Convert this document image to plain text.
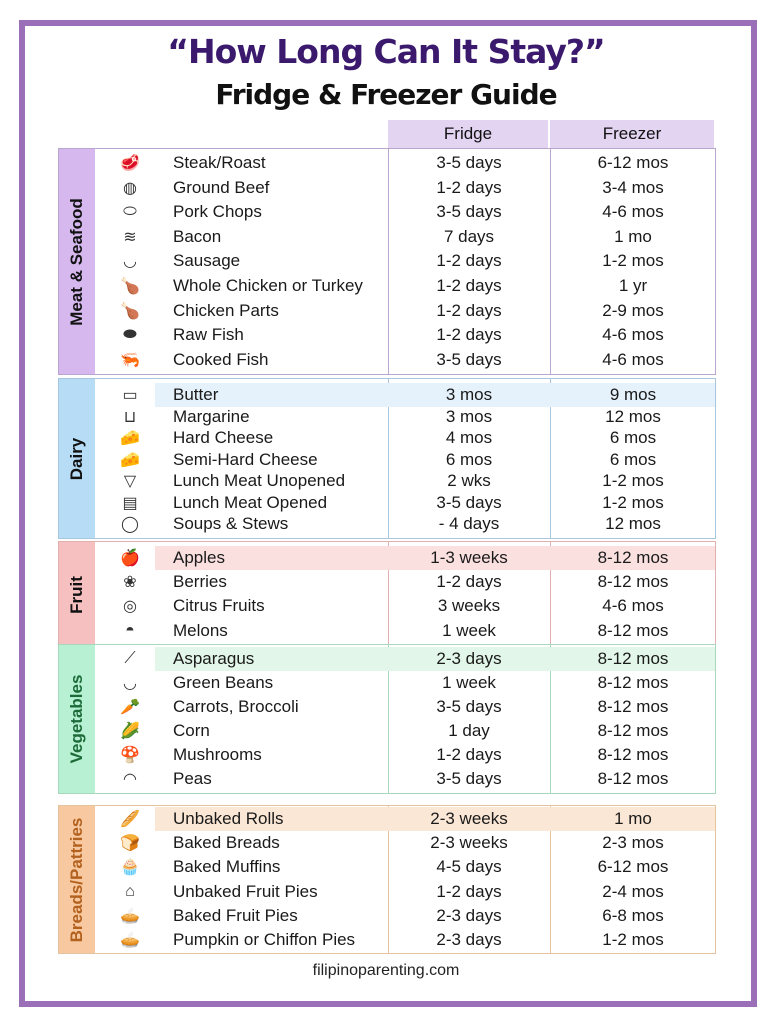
“How Long Can It Stay?”
Fridge & Freezer Guide
Fridge	Freezer
Meat & Seafood
🥩	Steak/Roast	3-5 days	6-12 mos
◍	Ground Beef	1-2 days	3-4 mos
⬭	Pork Chops	3-5 days	4-6 mos
≋	Bacon	7 days	1 mo
◡	Sausage	1-2 days	1-2 mos
🍗	Whole Chicken or Turkey	1-2 days	1 yr
🍗	Chicken Parts	1-2 days	2-9 mos
⬬	Raw Fish	1-2 days	4-6 mos
🦐	Cooked Fish	3-5 days	4-6 mos
Dairy
▭	Butter	3 mos	9 mos
⊔	Margarine	3 mos	12 mos
🧀	Hard Cheese	4 mos	6 mos
🧀	Semi-Hard Cheese	6 mos	6 mos
▽	Lunch Meat Unopened	2 wks	1-2 mos
▤	Lunch Meat Opened	3-5 days	1-2 mos
◯	Soups & Stews	- 4 days	12 mos
Fruit
🍎	Apples	1-3 weeks	8-12 mos
❀	Berries	1-2 days	8-12 mos
◎	Citrus Fruits	3 weeks	4-6 mos
◓	Melons	1 week	8-12 mos
Vegetables
⟋	Asparagus	2-3 days	8-12 mos
◡	Green Beans	1 week	8-12 mos
🥕	Carrots, Broccoli	3-5 days	8-12 mos
🌽	Corn	1 day	8-12 mos
🍄	Mushrooms	1-2 days	8-12 mos
◠	Peas	3-5 days	8-12 mos
Breads/Pattries	🥖	Unbaked Rolls	2-3 weeks	1 mo
🍞	Baked Breads	2-3 weeks	2-3 mos
🧁	Baked Muffins	4-5 days	6-12 mos
⌂	Unbaked Fruit Pies	1-2 days	2-4 mos
🥧	Baked Fruit Pies	2-3 days	6-8 mos
🥧	Pumpkin or Chiffon Pies	2-3 days	1-2 mos
filipinoparenting.com
